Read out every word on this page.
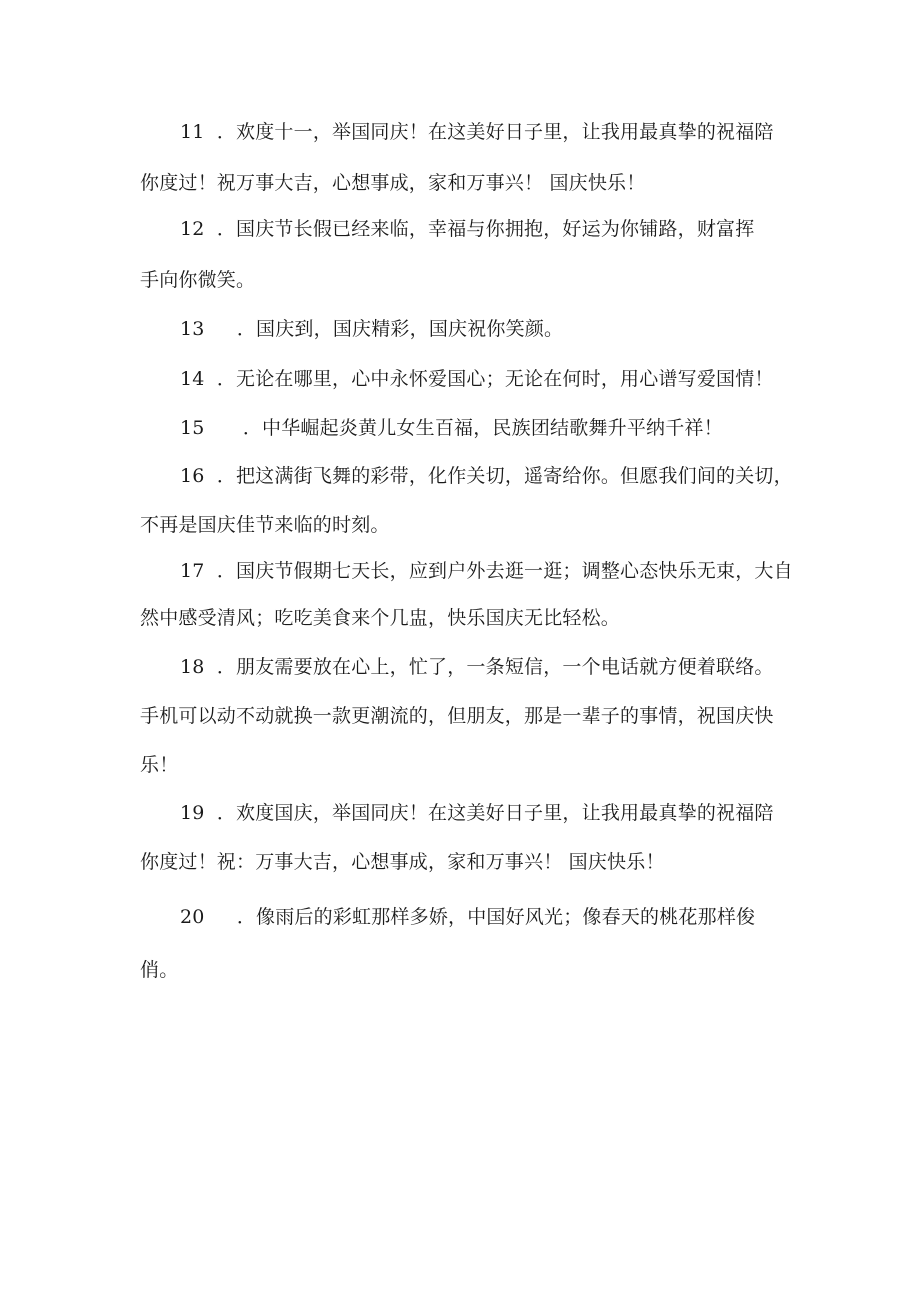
11 ．欢度十一，举国同庆！在这美好日子里，让我用最真挚的祝福陪
你度过！祝万事大吉，心想事成，家和万事兴！ 国庆快乐！
12 ．国庆节长假已经来临，幸福与你拥抱，好运为你铺路，财富挥
手向你微笑。
13 ．国庆到，国庆精彩，国庆祝你笑颜。
14 ．无论在哪里，心中永怀爱国心；无论在何时，用心谱写爱国情！
15 ．中华崛起炎黄儿女生百福，民族团结歌舞升平纳千祥！
16 ．把这满街飞舞的彩带，化作关切，遥寄给你。但愿我们间的关切，
不再是国庆佳节来临的时刻。
17 ．国庆节假期七天长，应到户外去逛一逛；调整心态快乐无束，大自
然中感受清风；吃吃美食来个几盅，快乐国庆无比轻松。
18 ．朋友需要放在心上，忙了，一条短信，一个电话就方便着联络。
手机可以动不动就换一款更潮流的，但朋友，那是一辈子的事情，祝国庆快
乐！
19 ．欢度国庆，举国同庆！在这美好日子里，让我用最真挚的祝福陪
你度过！祝：万事大吉，心想事成，家和万事兴！ 国庆快乐！
20 ．像雨后的彩虹那样多娇，中国好风光；像春天的桃花那样俊
俏。
